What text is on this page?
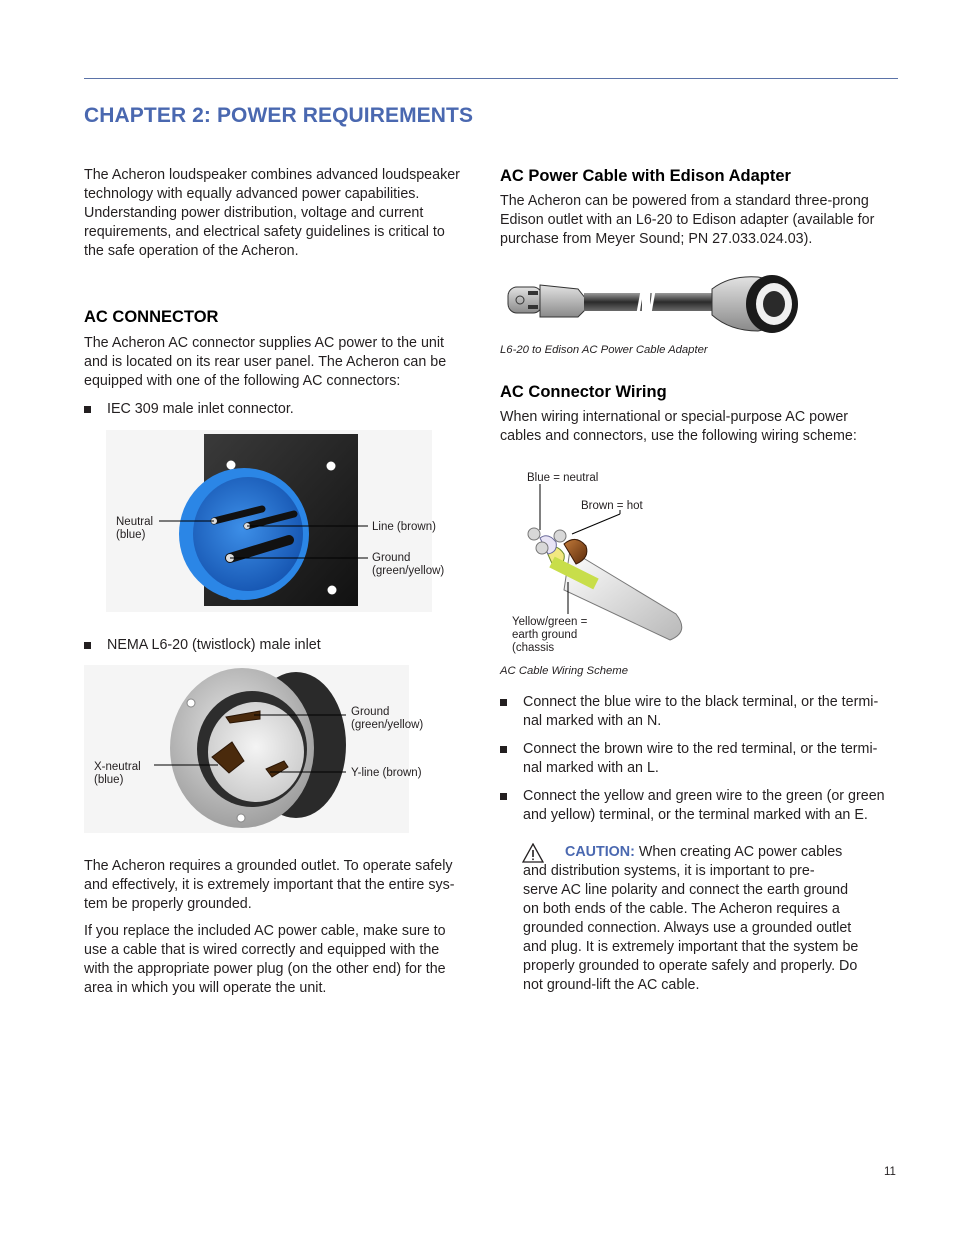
CHAPTER 2: POWER REQUIREMENTS

The Acheron loudspeaker combines advanced loudspeaker

technology with equally advanced power capabilities.

Understanding power distribution, voltage and current

requirements, and electrical safety guidelines is critical to

the safe operation of the Acheron.

AC CONNECTOR

The Acheron AC connector supplies AC power to the unit

and is located on its rear user panel. The Acheron can be

equipped with one of the following AC connectors:

IEC 309 male inlet connector.
Neutral
(blue)
Line (brown)
Ground
(green/yellow)
NEMA L6-20 (twistlock) male inlet
Ground
(green/yellow)
X-neutral
(blue)
Y-line (brown)

The Acheron requires a grounded outlet. To operate safely

and effectively, it is extremely important that the entire sys-

tem be properly grounded.

If you replace the included AC power cable, make sure to

use a cable that is wired correctly and equipped with the

with the appropriate power plug (on the other end) for the

area in which you will operate the unit.

AC Power Cable with Edison Adapter

The Acheron can be powered from a standard three-prong

Edison outlet with an L6-20 to Edison adapter (available for

purchase from Meyer Sound; PN 27.033.024.03).

L6-20 to Edison AC Power Cable Adapter
AC Connector Wiring

When wiring international or special-purpose AC power

cables and connectors, use the following wiring scheme:

Blue = neutral
Brown = hot
Yellow/green =
earth ground
(chassis
AC Cable Wiring Scheme
Connect the blue wire to the black terminal, or the termi-
nal marked with an N.
Connect the brown wire to the red terminal, or the termi-
nal marked with an L.
Connect the yellow and green wire to the green (or green
and yellow) terminal, or the terminal marked with an E.

CAUTION: When creating AC power cables

and distribution systems, it is important to pre-

serve AC line polarity and connect the earth ground

on both ends of the cable. The Acheron requires a

grounded connection. Always use a grounded outlet

and plug. It is extremely important that the system be

properly grounded to operate safely and properly. Do

not ground-lift the AC cable.

11
